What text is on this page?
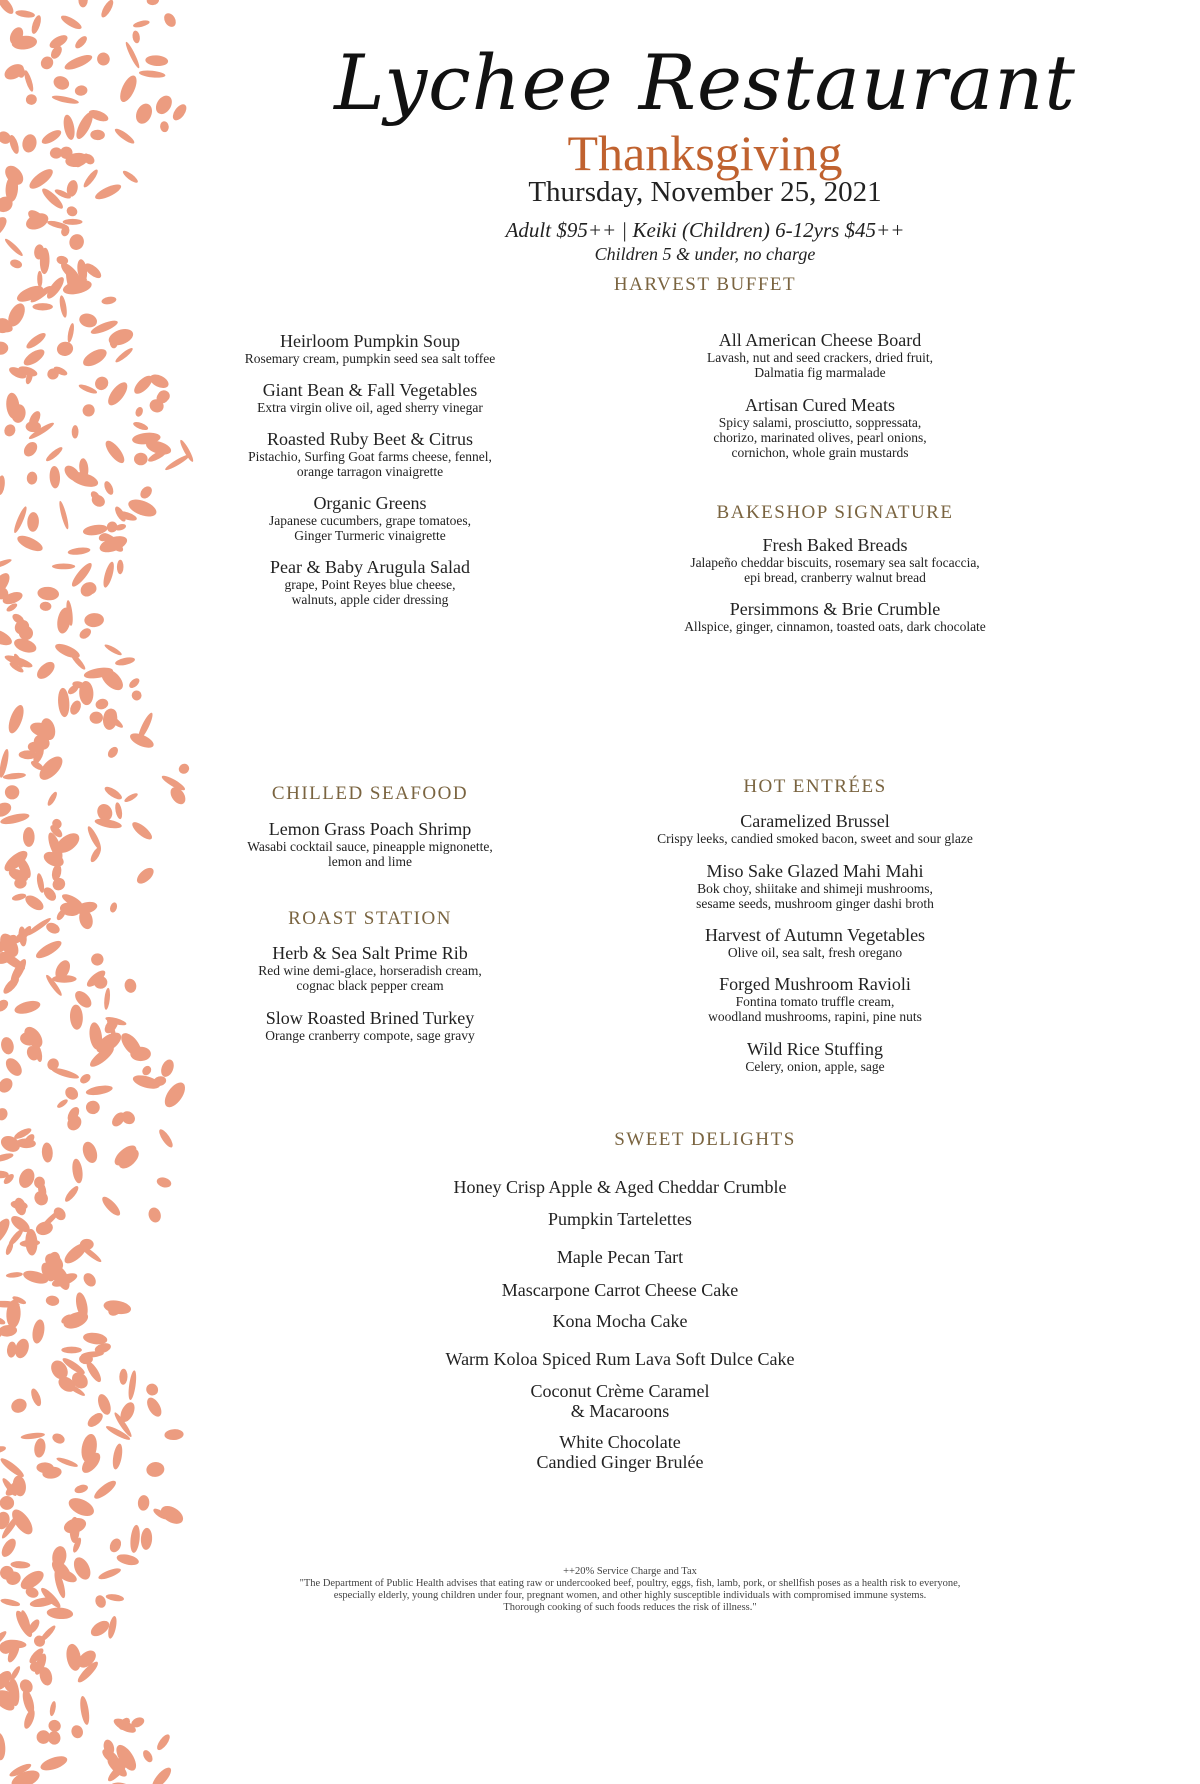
Lychee Restaurant
Thanksgiving
Thursday, November 25, 2021
Adult $95++ | Keiki (Children) 6-12yrs $45++
Children 5 & under, no charge
HARVEST BUFFET
Heirloom Pumpkin Soup
Rosemary cream, pumpkin seed sea salt toffee
Giant Bean & Fall Vegetables
Extra virgin olive oil, aged sherry vinegar
Roasted Ruby Beet & Citrus
Pistachio, Surfing Goat farms cheese, fennel,
orange tarragon vinaigrette
Organic Greens
Japanese cucumbers, grape tomatoes,
Ginger Turmeric vinaigrette
Pear & Baby Arugula Salad
grape, Point Reyes blue cheese,
walnuts, apple cider dressing
All American Cheese Board
Lavash, nut and seed crackers, dried fruit,
Dalmatia fig marmalade
Artisan Cured Meats
Spicy salami, prosciutto, soppressata,
chorizo, marinated olives, pearl onions,
cornichon, whole grain mustards
BAKESHOP SIGNATURE
Fresh Baked Breads
Jalapeño cheddar biscuits, rosemary sea salt focaccia,
epi bread, cranberry walnut bread
Persimmons & Brie Crumble
Allspice, ginger, cinnamon, toasted oats, dark chocolate
CHILLED SEAFOOD
Lemon Grass Poach Shrimp
Wasabi cocktail sauce, pineapple mignonette,
lemon and lime
ROAST STATION
Herb & Sea Salt Prime Rib
Red wine demi-glace, horseradish cream,
cognac black pepper cream
Slow Roasted Brined Turkey
Orange cranberry compote, sage gravy
HOT ENTRÉES
Caramelized Brussel
Crispy leeks, candied smoked bacon, sweet and sour glaze
Miso Sake Glazed Mahi Mahi
Bok choy, shiitake and shimeji mushrooms,
sesame seeds, mushroom ginger dashi broth
Harvest of Autumn Vegetables
Olive oil, sea salt, fresh oregano
Forged Mushroom Ravioli
Fontina tomato truffle cream,
woodland mushrooms, rapini, pine nuts
Wild Rice Stuffing
Celery, onion, apple, sage
SWEET DELIGHTS
Honey Crisp Apple & Aged Cheddar Crumble
Pumpkin Tartelettes
Maple Pecan Tart
Mascarpone Carrot Cheese Cake
Kona Mocha Cake
Warm Koloa Spiced Rum Lava Soft Dulce Cake
Coconut Crème Caramel
& Macaroons
White Chocolate
Candied Ginger Brulée
++20% Service Charge and Tax
"The Department of Public Health advises that eating raw or undercooked beef, poultry, eggs, fish, lamb, pork, or shellfish poses as a health risk to everyone,
especially elderly, young children under four, pregnant women, and other highly susceptible individuals with compromised immune systems.
Thorough cooking of such foods reduces the risk of illness."
